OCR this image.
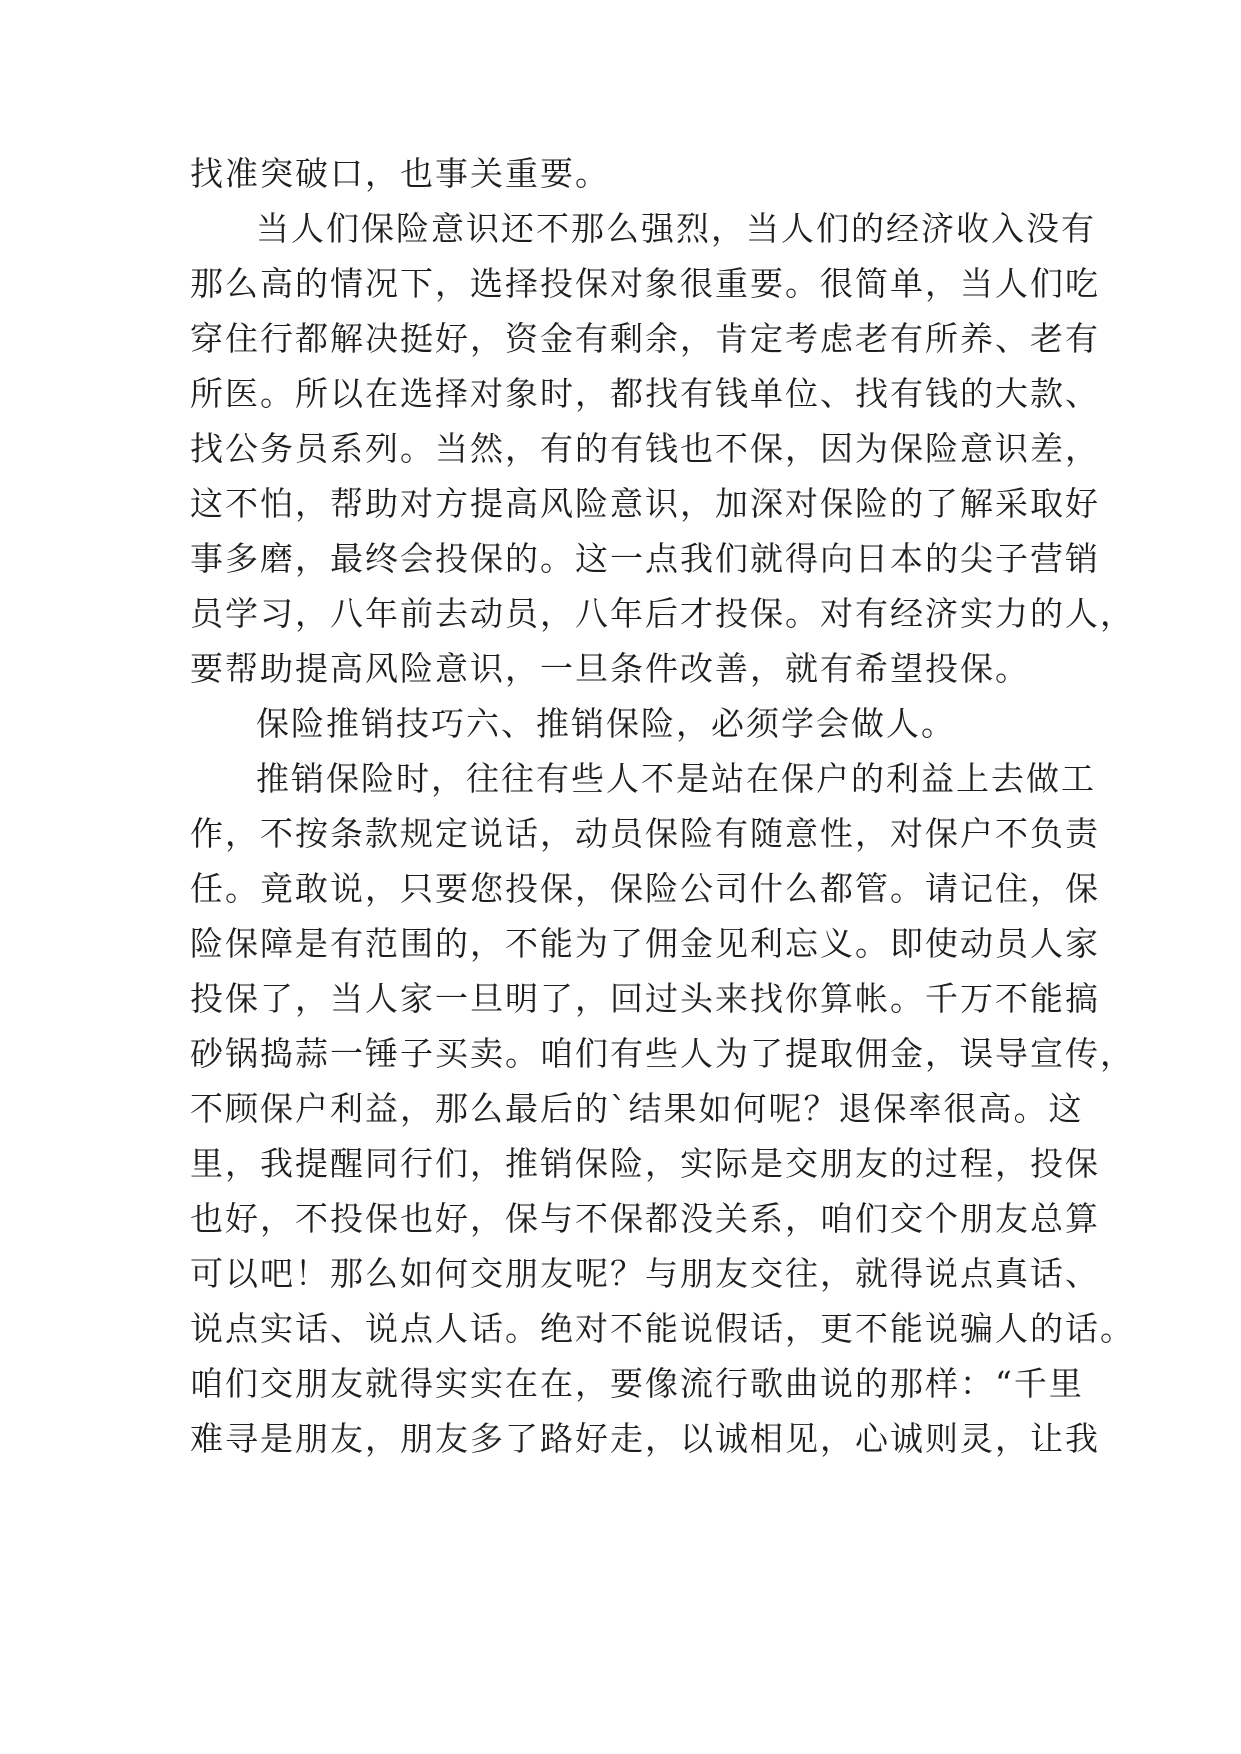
找准突破口，也事关重要。
当人们保险意识还不那么强烈，当人们的经济收入没有
那么高的情况下，选择投保对象很重要。很简单，当人们吃
穿住行都解决挺好，资金有剩余，肯定考虑老有所养、老有
所医。所以在选择对象时，都找有钱单位、找有钱的大款、
找公务员系列。当然，有的有钱也不保，因为保险意识差，
这不怕，帮助对方提高风险意识，加深对保险的了解采取好
事多磨，最终会投保的。这一点我们就得向日本的尖子营销
员学习，八年前去动员，八年后才投保。对有经济实力的人，
要帮助提高风险意识，一旦条件改善，就有希望投保。
保险推销技巧六、推销保险，必须学会做人。
推销保险时，往往有些人不是站在保户的利益上去做工
作，不按条款规定说话，动员保险有随意性，对保户不负责
任。竟敢说，只要您投保，保险公司什么都管。请记住，保
险保障是有范围的，不能为了佣金见利忘义。即使动员人家
投保了，当人家一旦明了，回过头来找你算帐。千万不能搞
砂锅捣蒜一锤子买卖。咱们有些人为了提取佣金，误导宣传，
不顾保户利益，那么最后的`结果如何呢？退保率很高。这
里，我提醒同行们，推销保险，实际是交朋友的过程，投保
也好，不投保也好，保与不保都没关系，咱们交个朋友总算
可以吧！那么如何交朋友呢？与朋友交往，就得说点真话、
说点实话、说点人话。绝对不能说假话，更不能说骗人的话。
咱们交朋友就得实实在在，要像流行歌曲说的那样：“千里
难寻是朋友，朋友多了路好走，以诚相见，心诚则灵，让我
